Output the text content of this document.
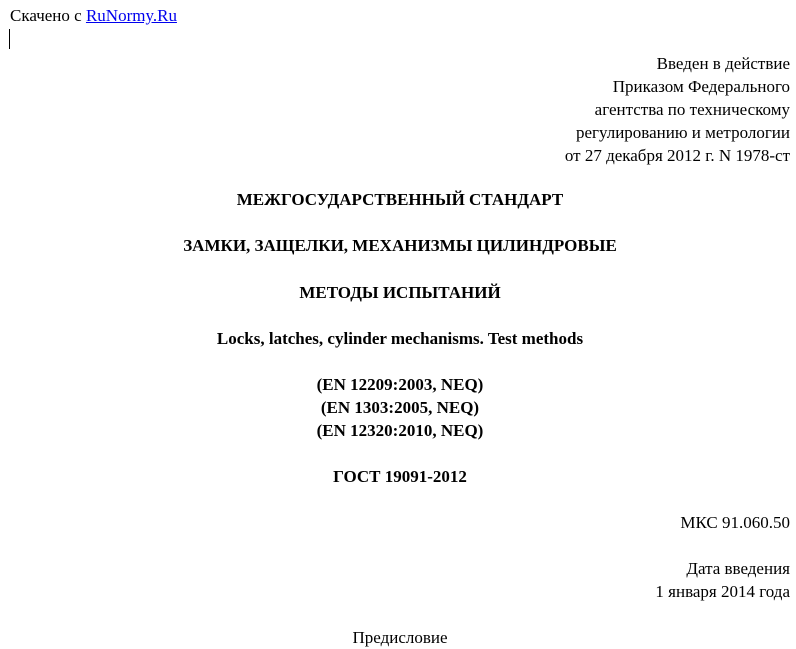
Скачено с RuNormy.Ru
Введен в действие
Приказом Федерального
агентства по техническому
регулированию и метрологии
от 27 декабря 2012 г. N 1978-ст
МЕЖГОСУДАРСТВЕННЫЙ СТАНДАРТ
ЗАМКИ, ЗАЩЕЛКИ, МЕХАНИЗМЫ ЦИЛИНДРОВЫЕ
МЕТОДЫ ИСПЫТАНИЙ
Locks, latches, cylinder mechanisms. Test methods
(EN 12209:2003, NEQ)
(EN 1303:2005, NEQ)
(EN 12320:2010, NEQ)
ГОСТ 19091-2012
МКС 91.060.50
Дата введения
1 января 2014 года
Предисловие
